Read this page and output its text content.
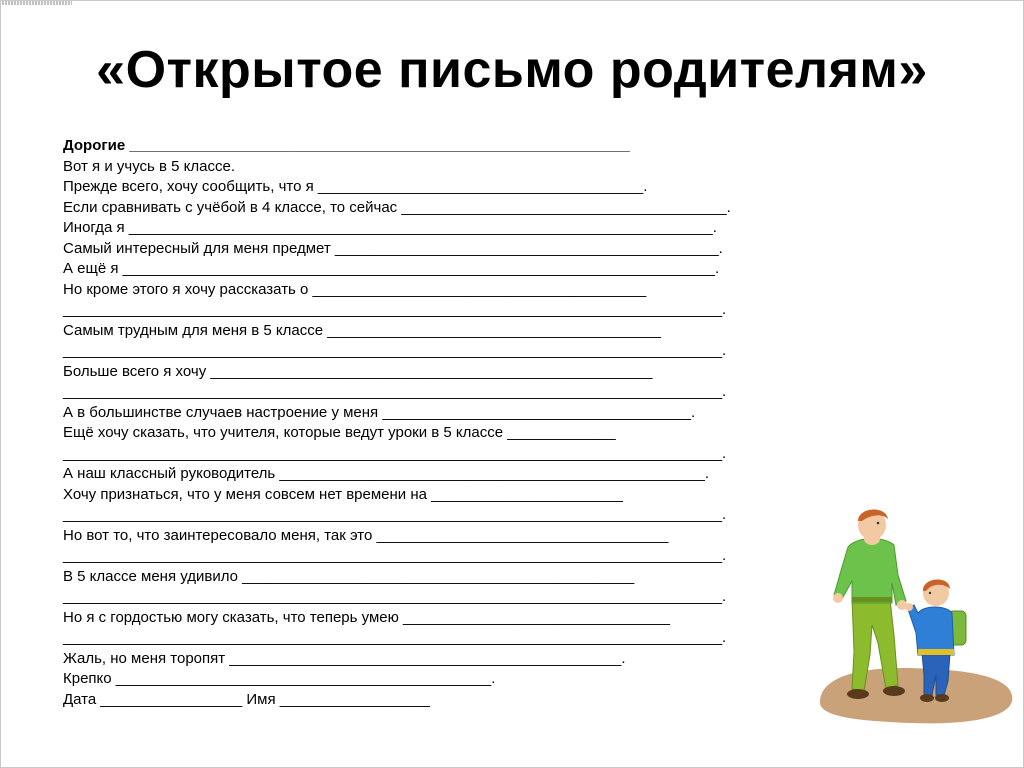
«Открытое письмо родителям»
Дорогие ____________________________________________________________
Вот я и учусь в 5 классе.
Прежде всего, хочу сообщить, что я _______________________________________.
Если сравнивать с учёбой в 4 классе, то сейчас _______________________________________.
Иногда я ______________________________________________________________________.
Самый интересный для меня предмет ______________________________________________.
А ещё я _______________________________________________________________________.
Но кроме этого я хочу рассказать о ________________________________________
_______________________________________________________________________________.
Самым трудным для меня в 5 классе ________________________________________
_______________________________________________________________________________.
Больше всего я хочу _____________________________________________________
_______________________________________________________________________________.
А в большинстве случаев настроение у меня _____________________________________.
Ещё хочу сказать, что учителя, которые ведут уроки в 5 классе _____________
_______________________________________________________________________________.
А наш классный руководитель ___________________________________________________.
Хочу признаться, что у меня совсем нет времени на _______________________
_______________________________________________________________________________.
Но вот то, что заинтересовало меня, так это ___________________________________
_______________________________________________________________________________.
В 5 классе меня удивило _______________________________________________
_______________________________________________________________________________.
Но я с гордостью могу сказать, что теперь умею ________________________________
_______________________________________________________________________________.
Жаль, но меня торопят _______________________________________________.
Крепко _____________________________________________.
Дата _________________ Имя __________________
